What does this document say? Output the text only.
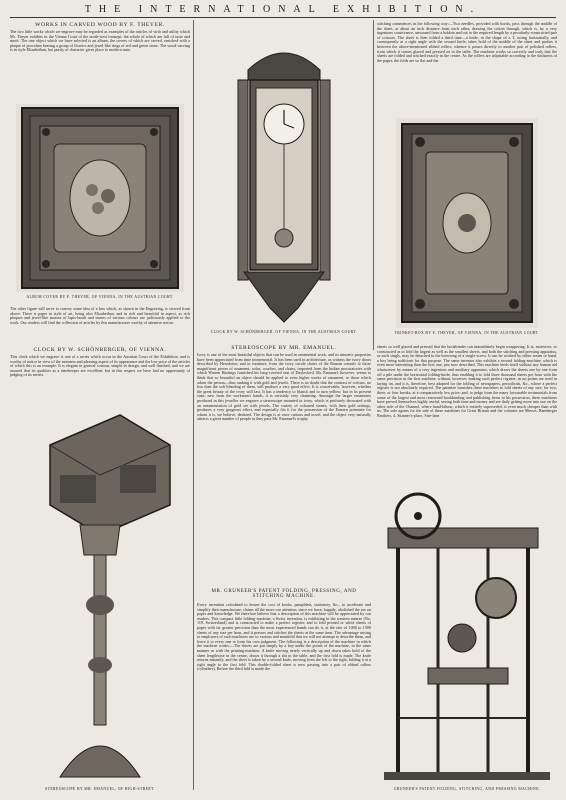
THE INTERNATIONAL EXHIBITION.
WORKS IN CARVED WOOD BY F. THEYER.
The two little works which we engrave may be regarded as examples of the articles of virtù and utility which Mr. Theyer exhibits in the Vienna Court of the north-west transept, the whole of which are full of taste and merit. The one object which we have selected is an album, the covers of which are carved, enriched with a plaque of porcelain bearing a group of flowers and jewel-like rings of red and green stone. The wood-carving is in style Elizabethan, but purity of character gives place to modern taste.
ALBUM COVER BY F. THEYER, OF VIENNA, IN THE AUSTRIAN COURT.
The other figure will serve to convey some idea of a box which, as shown in the Engraving, is viewed from above. There is paper in style of art, being also Elizabethan, and in rich and beautiful in aspect, as rich plaques and jewel-like masses of lapis-lazuli and stones of various colours are judiciously applied to the work. Our readers will find the collection of articles by this manufacturer worthy of attentive notice.
CLOCK BY W. SCHÖNBERGER, OF VIENNA.
This clock which we engrave is one of a series which occur in the Austrian Court of the Exhibition, and is worthy of notice in view of the neatness and pleasing aspect of its appearance and the low price of the articles of which this is an example. It is elegant in general contour, simple in design, and well finished, and we are assured that its qualities as a timekeeper are excellent; but in this respect we have had no opportunity of judging of its merits.
STEREOSCOPE BY MR. EMANUEL, OF HIGH-STREET.
CLOCK BY W. SCHÖNBERGER, OF VIENNA, IN THE AUSTRIAN COURT.
STEREOSCOPE BY MR. EMANUEL.
Ivory is one of the most beautiful objects that can be used in ornamental work, and its mimetic properties have been appreciated from time immemorial. It has been used in architecture, as witness the ivory doors described by Herodotus; and in furniture, from the ivory curule chairs of the Roman consuls to those magnificent pieces of ornament, sofas, couches, and chairs, imported from the Indian procuratories with which Warren Hastings furnished his long-coveted seat of Daylesford. Mr. Emanuel, however, seems to think that so beautiful an object should be applied to even higher works of ornament, to those which adorn the person—thus ranking it with gold and jewels. There is no doubt that the contrast of colours, no less than the soft blending of them, will produce a very good effect. It is conceivable, however, whether the great beauty of the ivory will last. It has a tendency to blanch and to turn yellow; but in its present state, new from the workman's hands, it is certainly very charming. Amongst the larger ornaments produced in this jeweller we engrave a stereoscope mounted in ivory, which is profusely decorated with an ornamentation of gold set with jewels. The variety of coloured stones, with their gold settings, produces a very gorgeous effect, and especially fits it for the possession of the Eastern potentate for whom it is, we believe, destined. The design is at once curious and novel, and the object very naturally attracts a great number of people as they pass Mr. Emanuel's trophy.
MR. GRUNEER'S PATENT FOLDING, PRESSING, AND STITCHING MACHINE.
Every invention calculated to lessen the cost of books, pamphlets, stationery, &c., to accelerate and simplify their manufacture, claims all the more our attention, since we have, happily, abolished the tax on paper and knowledge. We therefore believe that a description of this machine will be appreciated by our readers. This compact little folding-machine, a Swiss invention, is exhibiting in the western annexe (No. 119, Switzerland) and is constructed to make a perfect register, and to fold printed or white sheets of paper with far greater precision than the most experienced hands can do it, at the rate of 1000 to 1500 sheets of any size per hour, and it presses and stitches the sheets at the same time. The advantage arising to employers of such machines are so various and manifold that we will not attempt to describe them, and leave it to every one to form his own judgment. The following is a description of the machine in which the machine works:—The sheets are put simply by a boy under the points of the machine, in the same manner as with the printing-machine. A knife moving nearly vertically up and down takes hold of the sheet lengthwise in the centre, draws it through a slit in the table, and the first fold is made. The knife returns instantly, and the sheet is taken by a second knife, moving from the left to the right, folding it at a right angle to the first fold. This double-folded sheet is now passing into a pair of ribbed rollers (cylinders). Before the third fold is made the
stitching commences in the following way:—Two needles, provided with hooks, pass through the middle of the sheet, at about an inch distance from each other, drawing the cotton through, which is, by a very ingenious contrivance, unwound from a bobbin and cut to the required length by a peculiarly-constructed pair of scissors. The sheet is then folded a third time—a knife, in the shape of a T, acting horizontally, and consequently at a right angle with the second knife, takes hold of the middle of the sheet and pushes it between the above-mentioned ribbed rollers, whence it passes directly to another pair of polished rollers, from which it comes glazed and pressed on to the table. The machine works so correctly and truly that the sheets are folded and stitched exactly in the centre. As the rollers are adjustable according to the thickness of the paper, the folds are so flat and the
TRINKET-BOX BY F. THEYER, OF VIENNA, IN THE AUSTRIAN COURT.
sheets so well glazed and pressed that the bookbinder can immediately begin wrappering. It is, moreover, so constructed as to fold the largest as well as the smallest sheets, and both the stitching and pressing apparatus, or such singly, may be detached to the browsing of a single-screw. It can be worked by either steam or hand, a boy being sufficient for that purpose. The same inventor also exhibits a second folding-machine, which is even more interesting than the first one, just now described. This machine feeds itself without any human aid whatsoever by means of a very ingenious and auxiliary apparatus, which draws the sheets one by one from off a pile under the horizontal folding-knife, thus enabling it to fold three thousand sheets per hour with the same precision as the first machine, without, however, making such perfect register, as no points are used in laying on, and it is, therefore, best adapted for the folding of newspapers, periodicals, &c., where a perfect register is not absolutely required. The patentee furnishes these machines to fold sheets of any size, for two, three, or four breaks, at a comparatively low price; and, to judge from the many favourable testimonials from some of the largest and most renowned bookbinding and publishing firms in his possession, these machines have proved themselves highly useful, saving both time and money and are daily getting more into use on the other side of the Channel, where hand-labour, which it entirely superseded, is even much cheaper than with us. The sole agents for the sale of these machines for Great Britain and the colonies are Messrs. Bamberger Brothers, 4, Skinner's-place, Sise-lane.
GRUNEER'S PATENT FOLDING, STITCHING, AND PRESSING MACHINE.
